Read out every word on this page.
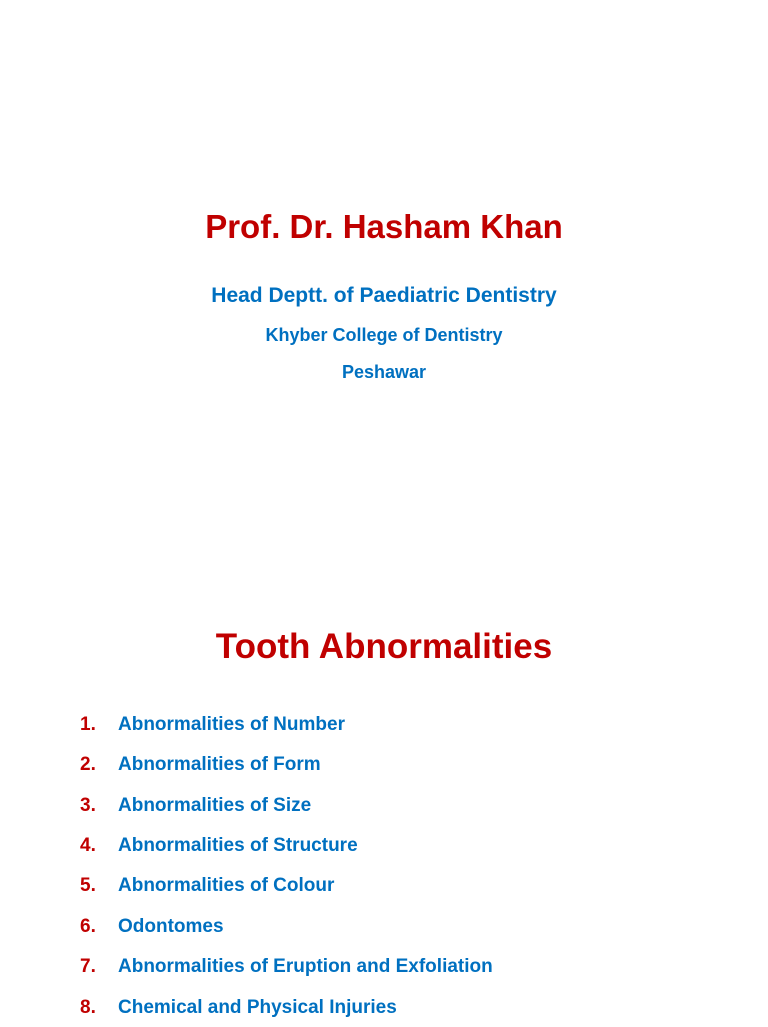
Prof. Dr. Hasham Khan
Head Deptt. of Paediatric Dentistry
Khyber College of Dentistry
Peshawar
Tooth Abnormalities
1. Abnormalities of Number
2. Abnormalities of Form
3. Abnormalities of Size
4. Abnormalities of Structure
5. Abnormalities of Colour
6. Odontomes
7. Abnormalities of Eruption and Exfoliation
8. Chemical and Physical Injuries
